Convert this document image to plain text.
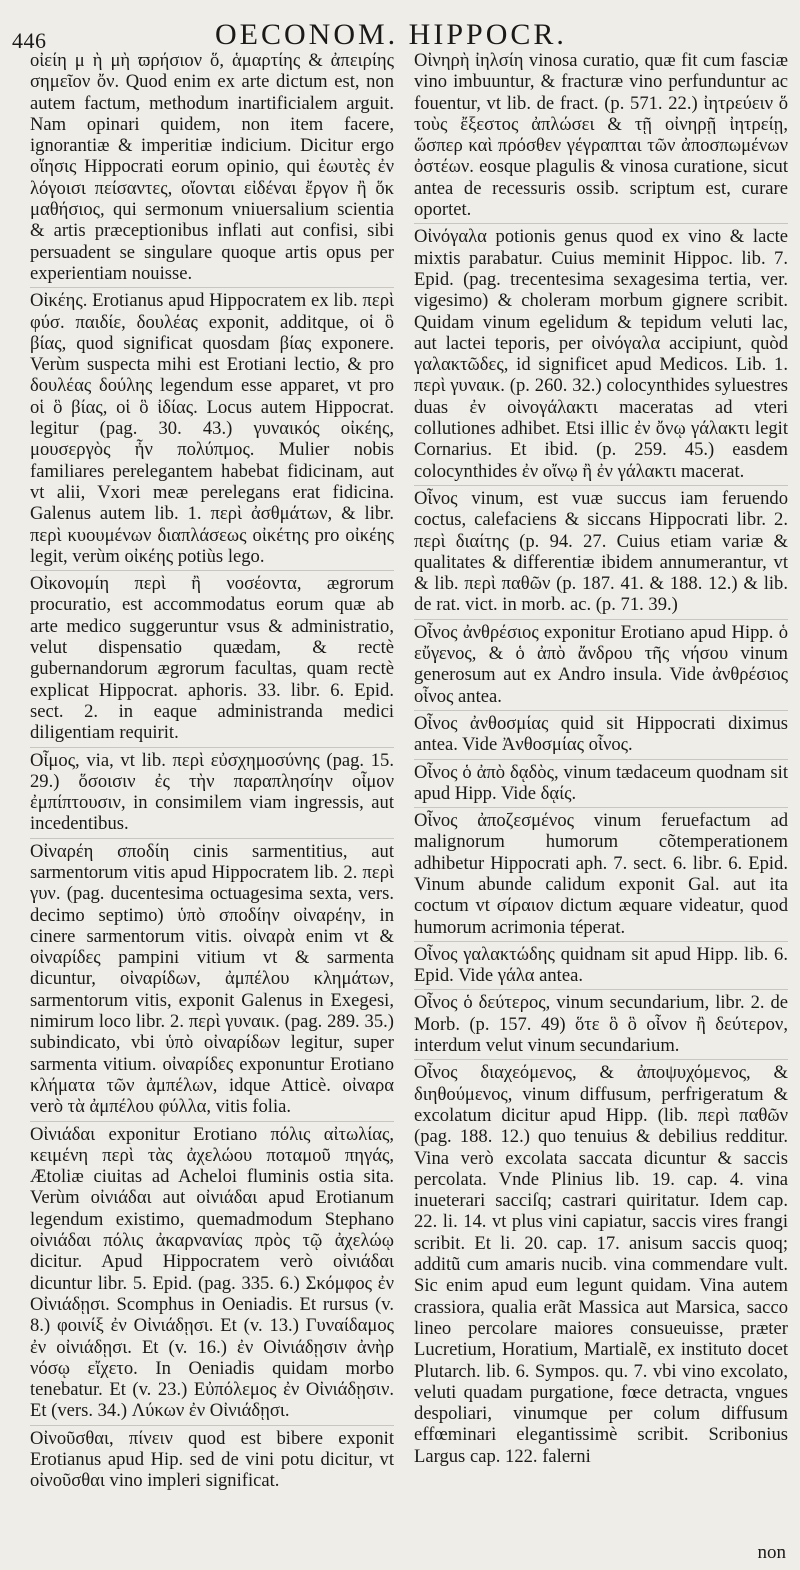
446	OECONOM. HIPPOCR.

οἰείη μ ὴ μὴ ϖρήσιον ὅ, ἁμαρτίης & ἀπειρίης σημεῖον ὄν. Quod enim ex arte dictum est, non autem factum, methodum inartificialem arguit. Nam opinari quidem, non item facere, ignorantiæ & imperitiæ indicium. Dicitur ergo οἴησις Hippocrati eorum opinio, qui ἑωυτὲς ἐν λόγοισι πείσαντες, οἴονται εἰδέναι ἔργον ἢ ὅκ μαθήσιος, qui sermonum vniuersalium scientia & artis præceptionibus inflati aut confisi, sibi persuadent se singulare quoque artis opus per experientiam nouisse.

Οἰκέης. Erotianus apud Hippocratem ex lib. περὶ φύσ. παιδίε, δουλέας exponit, additque, οἱ ὃ βίας, quod significat quosdam βίας exponere. Verùm suspecta mihi est Erotiani lectio, & pro δουλέας δούλης legendum esse apparet, vt pro οἱ ὃ βίας, οἱ ὃ ἰδίας. Locus autem Hippocrat. legitur (pag. 30. 43.) γυναικός οἰκέης, μουσεργὸς ἦν πολύπμος. Mulier nobis familiares perelegantem habebat fidicinam, aut vt alii, Vxori meæ perelegans erat fidicina. Galenus autem lib. 1. περὶ ἀσθμάτων, & libr. περὶ κυουμένων διαπλάσεως οἰκέτης pro οἰκέης legit, verùm οἰκέης potiùs lego.

Οἰκονομίη περὶ ἢ νοσέοντα, ægrorum procuratio, est accommodatus eorum quæ ab arte medico suggeruntur vsus & administratio, velut dispensatio quædam, & rectè gubernandorum ægrorum facultas, quam rectè explicat Hippocrat. aphoris. 33. libr. 6. Epid. sect. 2. in eaque administranda medici diligentiam requirit.

Οἶμος, via, vt lib. περὶ εὐσχημοσύνης (pag. 15. 29.) ὅσοισιν ἐς τὴν παραπλησίην οἶμον ἐμπίπτουσιν, in consimilem viam ingressis, aut incedentibus.

Οἰναρέη σποδίη cinis sarmentitius, aut sarmentorum vitis apud Hippocratem lib. 2. περὶ γυν. (pag. ducentesima octuagesima sexta, vers. decimo septimo) ὑπὸ σποδίην οἰναρέην, in cinere sarmentorum vitis. οἰναρὰ enim vt & οἰναρίδες pampini vitium vt & sarmenta dicuntur, οἰναρίδων, ἀμπέλου κλημάτων, sarmentorum vitis, exponit Galenus in Exegesi, nimirum loco libr. 2. περὶ γυναικ. (pag. 289. 35.) subindicato, vbi ὑπὸ οἰναρίδων legitur, super sarmenta vitium. οἰναρίδες exponuntur Erotiano κλήματα τῶν ἀμπέλων, idque Atticè. οἰναρα verò τὰ ἀμπέλου φύλλα, vitis folia.

Οἰνιάδαι exponitur Erotiano πόλις αἰτωλίας, κειμένη περὶ τὰς ἀχελώου ποταμοῦ πηγάς, Ætoliæ ciuitas ad Acheloi fluminis ostia sita. Verùm οἰνιάδαι aut οἰνιάδαι apud Erotianum legendum existimo, quemadmodum Stephano οἰνιάδαι πόλις ἀκαρνανίας πρὸς τῷ ἀχελώῳ dicitur. Apud Hippocratem verò οἰνιάδαι dicuntur libr. 5. Epid. (pag. 335. 6.) Σκόμφος ἐν Οἰνιάδῃσι. Scomphus in Oeniadis. Et rursus (v. 8.) φοινίξ ἐν Οἰνιάδῃσι. Et (v. 13.) Γυναίδαμος ἐν οἰνιάδῃσι. Et (v. 16.) ἐν Οἰνιάδῃσιν ἀνὴρ νόσῳ εἴχετο. In Oeniadis quidam morbo tenebatur. Et (v. 23.) Εὐπόλεμος ἐν Οἰνιάδῃσιν. Et (vers. 34.) Λύκων ἐν Οἰνιάδῃσι.

Οἰνοῦσθαι, πίνειν quod est bibere exponit Erotianus apud Hip. sed de vini potu dicitur, vt οἰνοῦσθαι vino impleri significat.

Οἰνηρὴ ἰηλσίη vinosa curatio, quæ fit cum fasciæ vino imbuuntur, & fracturæ vino perfunduntur ac fouentur, vt lib. de fract. (p. 571. 22.) ἰητρεύειν ὅ τοὺς ἔξεστος ἀπλώσει & τῇ οἰνηρῇ ἰητρείῃ, ὥσπερ καὶ πρόσθεν γέγραπται τῶν ἀποσπωμένων ὀστέων. eosque plagulis & vinosa curatione, sicut antea de recessuris ossib. scriptum est, curare oportet.

Οἰνόγαλα potionis genus quod ex vino & lacte mixtis parabatur. Cuius meminit Hippoc. lib. 7. Epid. (pag. trecentesima sexagesima tertia, ver. vigesimo) & choleram morbum gignere scribit. Quidam vinum egelidum & tepidum veluti lac, aut lactei teporis, per οἰνόγαλα accipiunt, quòd γαλακτῶδες, id significet apud Medicos. Lib. 1. περὶ γυναικ. (p. 260. 32.) colocynthides syluestres duas ἐν οἰνογάλακτι maceratas ad vteri collutiones adhibet. Etsi illic ἐν ὄνῳ γάλακτι legit Cornarius. Et ibid. (p. 259. 45.) easdem colocynthides ἐν οἴνῳ ἢ ἐν γάλακτι macerat.

Οἶνος vinum, est vuæ succus iam feruendo coctus, calefaciens & siccans Hippocrati libr. 2. περὶ διαίτης (p. 94. 27. Cuius etiam variæ & qualitates & differentiæ ibidem annumerantur, vt & lib. περὶ παθῶν (p. 187. 41. & 188. 12.) & lib. de rat. vict. in morb. ac. (p. 71. 39.)

Οἶνος ἀνθρέσιος exponitur Erotiano apud Hipp. ὁ εὔγενος, & ὁ ἀπὸ ἄνδρου τῆς νήσου vinum generosum aut ex Andro insula. Vide ἀνθρέσιος οἶνος antea.

Οἶνος ἀνθοσμίας quid sit Hippocrati diximus antea. Vide Ἀνθοσμίας οἶνος.

Οἶνος ὁ ἀπὸ δᾳδὸς, vinum tædaceum quodnam sit apud Hipp. Vide δᾳίς.

Οἶνος ἀποζεσμένος vinum feruefactum ad malignorum humorum cõtemperationem adhibetur Hippocrati aph. 7. sect. 6. libr. 6. Epid. Vinum abunde calidum exponit Gal. aut ita coctum vt σίραιον dictum æquare videatur, quod humorum acrimonia téperat.

Οἶνος γαλακτώδης quidnam sit apud Hipp. lib. 6. Epid. Vide γάλα antea.

Οἶνος ὁ δεύτερος, vinum secundarium, libr. 2. de Morb. (p. 157. 49) ὅτε ὃ ὃ οἶνον ἢ δεύτερον, interdum velut vinum secundarium.

Οἶνος διαχεόμενος, & ἀποψυχόμενος, & διηθούμενος, vinum diffusum, perfrigeratum & excolatum dicitur apud Hipp. (lib. περὶ παθῶν (pag. 188. 12.) quo tenuius & debilius redditur. Vina verò excolata saccata dicuntur & saccis percolata. Vnde Plinius lib. 19. cap. 4. vina inueterari sacciſq; castrari quiritatur. Idem cap. 22. li. 14. vt plus vini capiatur, saccis vires frangi scribit. Et li. 20. cap. 17. anisum saccis quoq; additũ cum amaris nucib. vina commendare vult. Sic enim apud eum legunt quidam. Vina autem crassiora, qualia erãt Massica aut Marsica, sacco lineo percolare maiores consueuisse, præter Lucretium, Horatium, Martialẽ, ex instituto docet Plutarch. lib. 6. Sympos. qu. 7. vbi vino excolato, veluti quadam purgatione, fœce detracta, vngues despoliari, vinumque per colum diffusum effœminari elegantissimè scribit. Scribonius Largus cap. 122. falerni

non
